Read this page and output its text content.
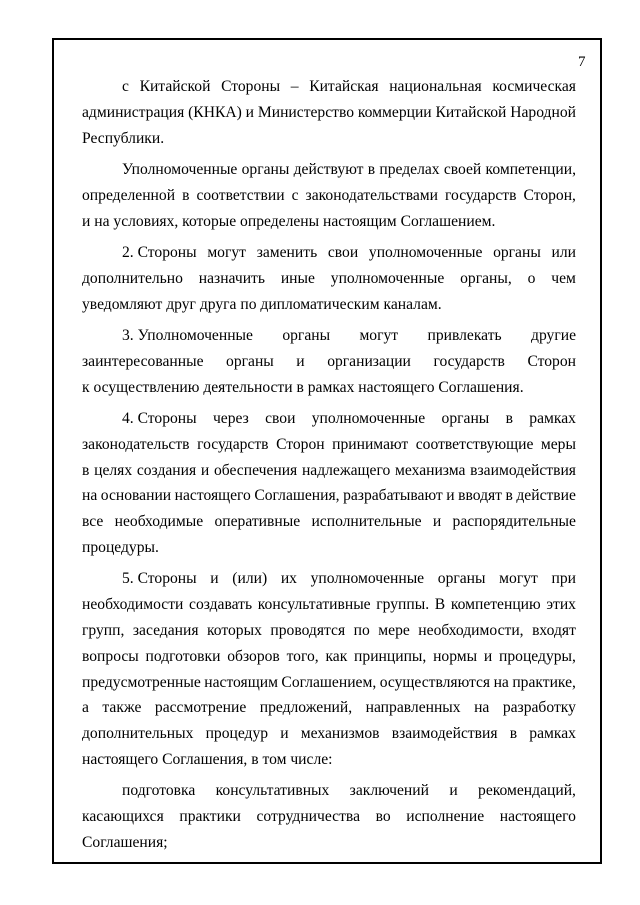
7
с Китайской Стороны – Китайская национальная космическая
администрация (КНКА) и Министерство коммерции Китайской Народной
Республики.
Уполномоченные органы действуют в пределах своей компетенции,
определенной в соответствии с законодательствами государств Сторон,
и на условиях, которые определены настоящим Соглашением.
2. Стороны могут заменить свои уполномоченные органы или
дополнительно назначить иные уполномоченные органы, о чем
уведомляют друг друга по дипломатическим каналам.
3. Уполномоченные органы могут привлекать другие
заинтересованные органы и организации государств Сторон
к осуществлению деятельности в рамках настоящего Соглашения.
4. Стороны через свои уполномоченные органы в рамках
законодательств государств Сторон принимают соответствующие меры
в целях создания и обеспечения надлежащего механизма взаимодействия
на основании настоящего Соглашения, разрабатывают и вводят в действие
все необходимые оперативные исполнительные и распорядительные
процедуры.
5. Стороны и (или) их уполномоченные органы могут при
необходимости создавать консультативные группы. В компетенцию этих
групп, заседания которых проводятся по мере необходимости, входят
вопросы подготовки обзоров того, как принципы, нормы и процедуры,
предусмотренные настоящим Соглашением, осуществляются на практике,
а также рассмотрение предложений, направленных на разработку
дополнительных процедур и механизмов взаимодействия в рамках
настоящего Соглашения, в том числе:
подготовка консультативных заключений и рекомендаций,
касающихся практики сотрудничества во исполнение настоящего
Соглашения;
